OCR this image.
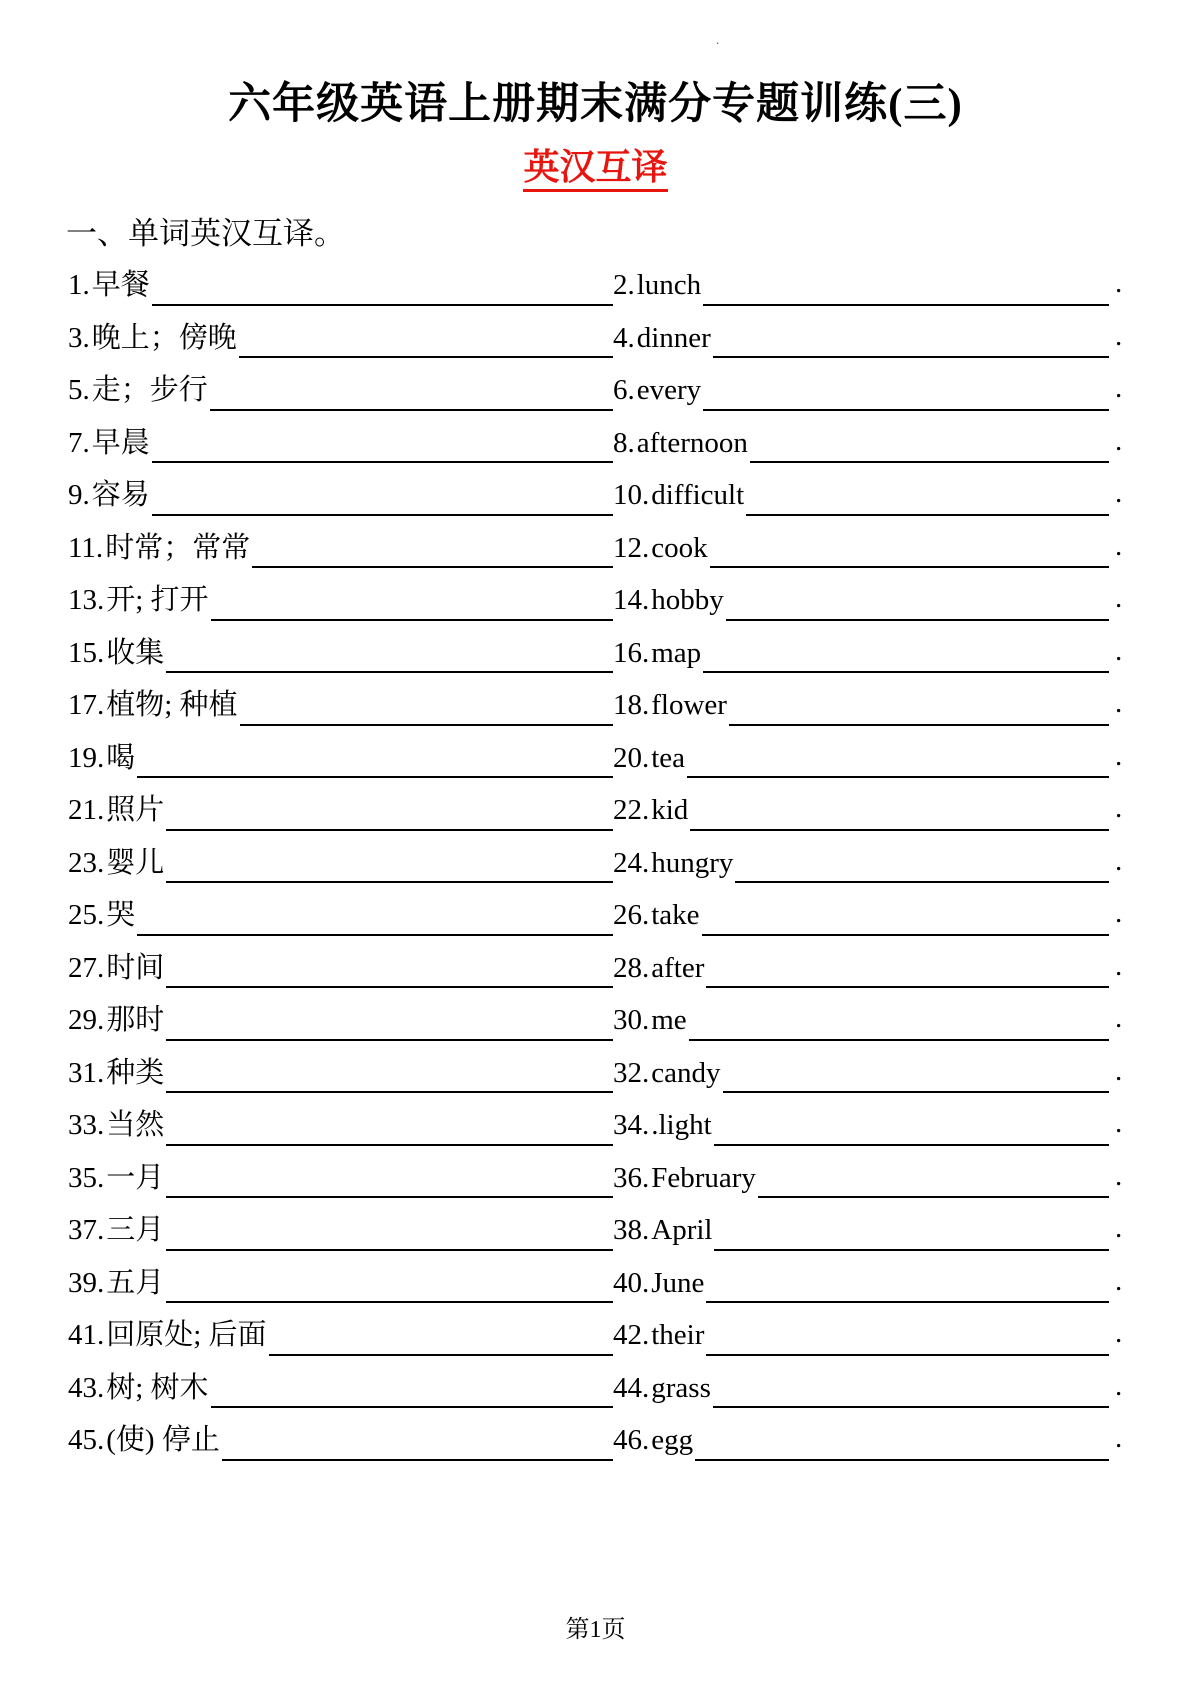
.
六年级英语上册期末满分专题训练(三)
英汉互译
一、单词英汉互译。
1. 早餐	2. lunch	.
3. 晚上；傍晚	4. dinner	.
5. 走；步行	6. every	.
7. 早晨	8. afternoon	.
9. 容易	10. difficult	.
11. 时常；常常	12. cook	.
13. 开; 打开	14. hobby	.
15. 收集	16. map	.
17. 植物; 种植	18. flower	.
19. 喝	20. tea	.
21. 照片	22. kid	.
23. 婴儿	24. hungry	.
25. 哭	26. take	.
27. 时间	28. after	.
29. 那时	30. me	.
31. 种类	32. candy	.
33. 当然	34. .light	.
35. 一月	36. February	.
37. 三月	38. April	.
39. 五月	40. June	.
41. 回原处; 后面	42. their	.
43. 树; 树木	44. grass	.
45. (使) 停止	46. egg	.
第1页
